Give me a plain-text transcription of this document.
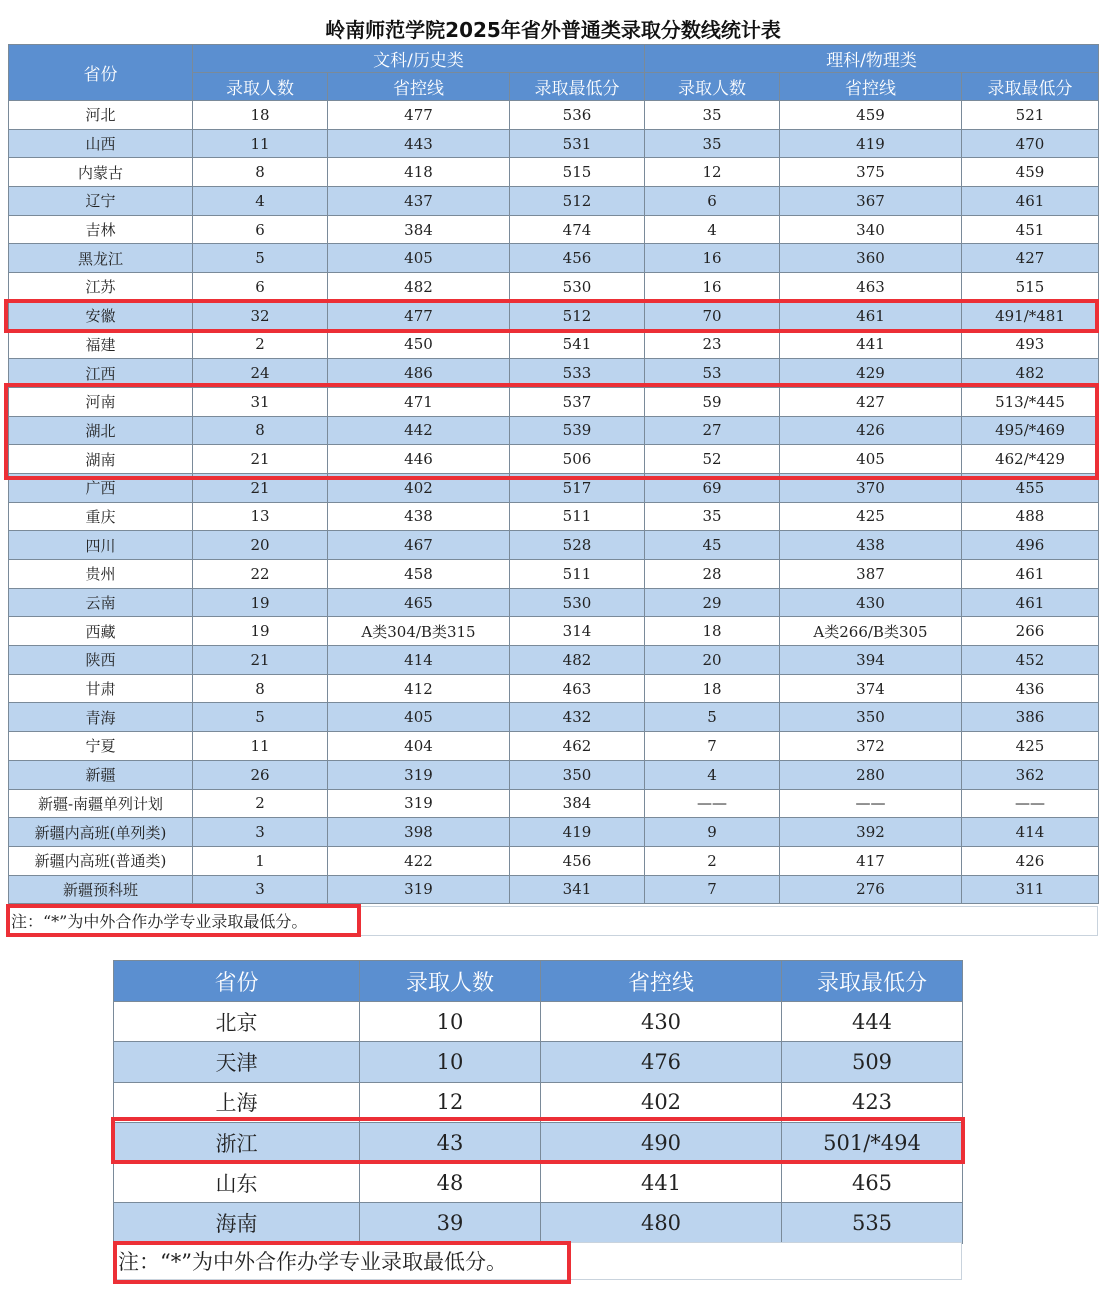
岭南师范学院2025年省外普通类录取分数线统计表
省份	文科/历史类			理科/物理类		
	录取人数	省控线	录取最低分	录取人数	省控线	录取最低分
河北	18	477	536	35	459	521
山西	11	443	531	35	419	470
内蒙古	8	418	515	12	375	459
辽宁	4	437	512	6	367	461
吉林	6	384	474	4	340	451
黑龙江	5	405	456	16	360	427
江苏	6	482	530	16	463	515
安徽	32	477	512	70	461	491/*481
福建	2	450	541	23	441	493
江西	24	486	533	53	429	482
河南	31	471	537	59	427	513/*445
湖北	8	442	539	27	426	495/*469
湖南	21	446	506	52	405	462/*429
广西	21	402	517	69	370	455
重庆	13	438	511	35	425	488
四川	20	467	528	45	438	496
贵州	22	458	511	28	387	461
云南	19	465	530	29	430	461
西藏	19	A类304/B类315	314	18	A类266/B类305	266
陕西	21	414	482	20	394	452
甘肃	8	412	463	18	374	436
青海	5	405	432	5	350	386
宁夏	11	404	462	7	372	425
新疆	26	319	350	4	280	362
新疆-南疆单列计划	2	319	384	——	——	——
新疆内高班(单列类)	3	398	419	9	392	414
新疆内高班(普通类)	1	422	456	2	417	426
新疆预科班	3	319	341	7	276	311
注：“*”为中外合作办学专业录取最低分。
省份	录取人数	省控线	录取最低分
北京	10	430	444
天津	10	476	509
上海	12	402	423
浙江	43	490	501/*494
山东	48	441	465
海南	39	480	535
注：“*”为中外合作办学专业录取最低分。
